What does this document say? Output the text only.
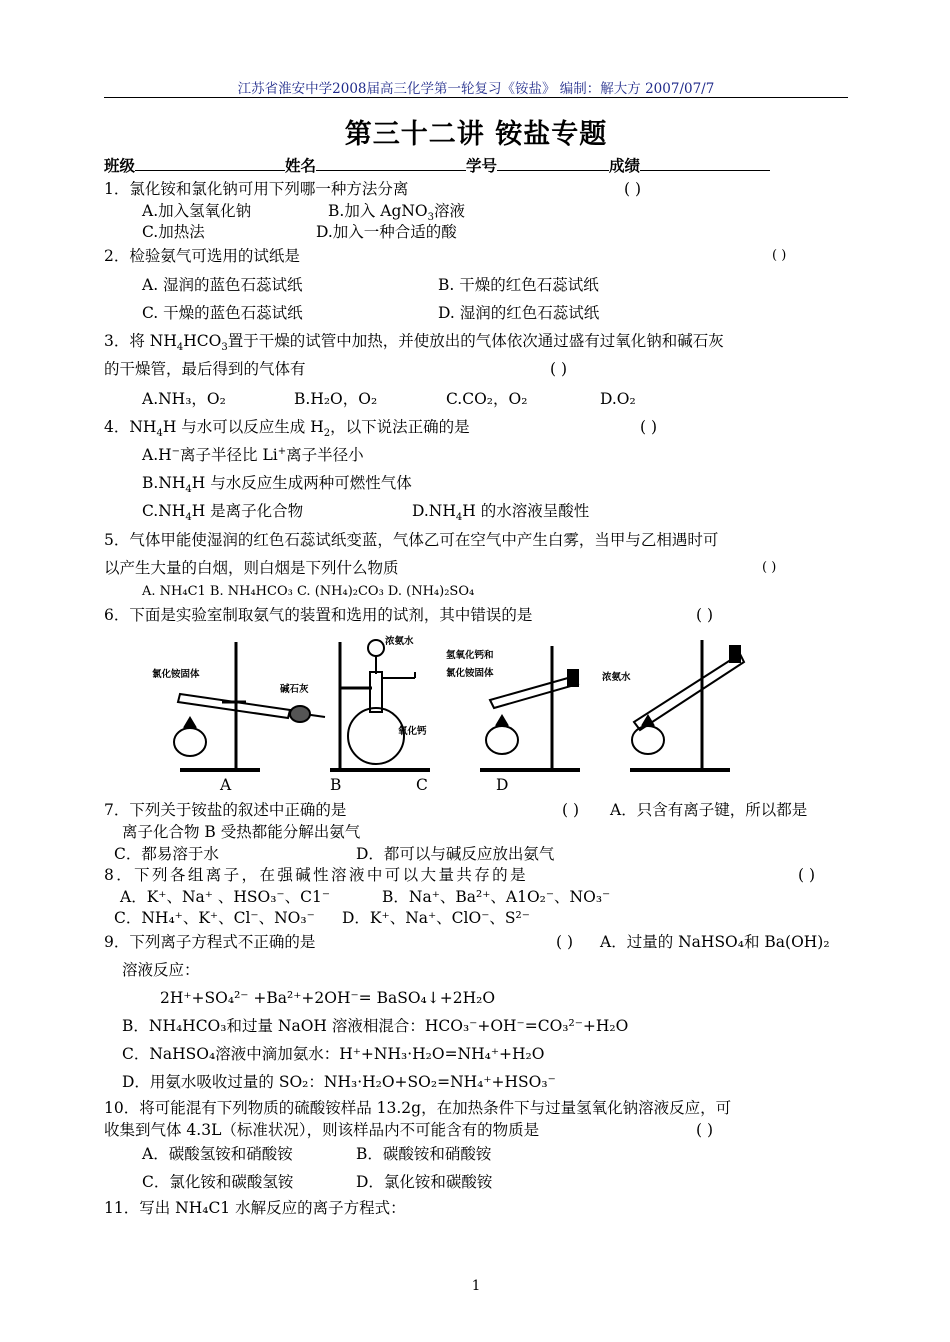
江苏省淮安中学2008届高三化学第一轮复习《铵盐》 编制：解大方 2007/07/7
第三十二讲 铵盐专题
班级	姓名	学号	成绩
1．氯化铵和氯化钠可用下列哪一种方法分离	( )
A.加入氢氧化钠	B.加入 AgNO$_3$溶液
C.加热法	D.加入一种合适的酸
2．检验氨气可选用的试纸是	( )
A. 湿润的蓝色石蕊试纸	B. 干燥的红色石蕊试纸
C. 干燥的蓝色石蕊试纸	D. 湿润的红色石蕊试纸
3．将 $NH_4HCO_3$置于干燥的试管中加热，并使放出的气体依次通过盛有过氧化钠和碱石灰
的干燥管，最后得到的气体有	( )
A.NH₃，O₂	B.H₂O，O₂	C.CO₂，O₂	D.O₂
4．$NH_4H$ 与水可以反应生成 $H_2$，以下说法正确的是	( )
A.H−离子半径比 Li+离子半径小
$B.NH_4H$ 与水反应生成两种可燃性气体
$C.NH_4H$ 是离子化合物	$D.NH_4H$ 的水溶液呈酸性
5．气体甲能使湿润的红色石蕊试纸变蓝，气体乙可在空气中产生白雾，当甲与乙相遇时可
以产生大量的白烟，则白烟是下列什么物质	( )
A. NH₄C1 B. NH₄HCO₃ C. (NH₄)₂CO₃ D. (NH₄)₂SO₄
6．下面是实验室制取氨气的装置和选用的试剂，其中错误的是	( )
氯化铵固体
碱石灰
浓氨水
氧化钙
氢氧化钙和
氯化铵固体	浓氨水
A	B	C	D
7．下列关于铵盐的叙述中正确的是	( ) A．只含有离子键，所以都是
离子化合物 B 受热都能分解出氨气
C．都易溶于水	D．都可以与碱反应放出氨气
8．下列各组离子，在强碱性溶液中可以大量共存的是	( )
A．K⁺、Na⁺ 、HSO₃⁻、C1⁻	B．Na⁺、Ba²⁺、A1O₂⁻、NO₃⁻
C．NH₄⁺、K⁺、Cl⁻、NO₃⁻ D．K⁺、Na⁺、ClO⁻、S²⁻
9．下列离子方程式不正确的是	( ) A．过量的 NaHSO₄和 Ba(OH)₂
溶液反应：
2H⁺+SO₄²⁻ +Ba²⁺+2OH⁻= BaSO₄↓+2H₂O
B．NH₄HCO₃和过量 NaOH 溶液相混合：HCO₃⁻+OH⁻=CO₃²⁻+H₂O
C．NaHSO₄溶液中滴加氨水：H⁺+NH₃·H₂O=NH₄⁺+H₂O
D．用氨水吸收过量的 SO₂：NH₃·H₂O+SO₂=NH₄⁺+HSO₃⁻
10．将可能混有下列物质的硫酸铵样品 13.2g，在加热条件下与过量氢氧化钠溶液反应，可
收集到气体 4.3L（标准状况），则该样品内不可能含有的物质是	( )
A．碳酸氢铵和硝酸铵	B．碳酸铵和硝酸铵
C．氯化铵和碳酸氢铵	D．氯化铵和碳酸铵
11．写出 NH₄C1 水解反应的离子方程式：
1
